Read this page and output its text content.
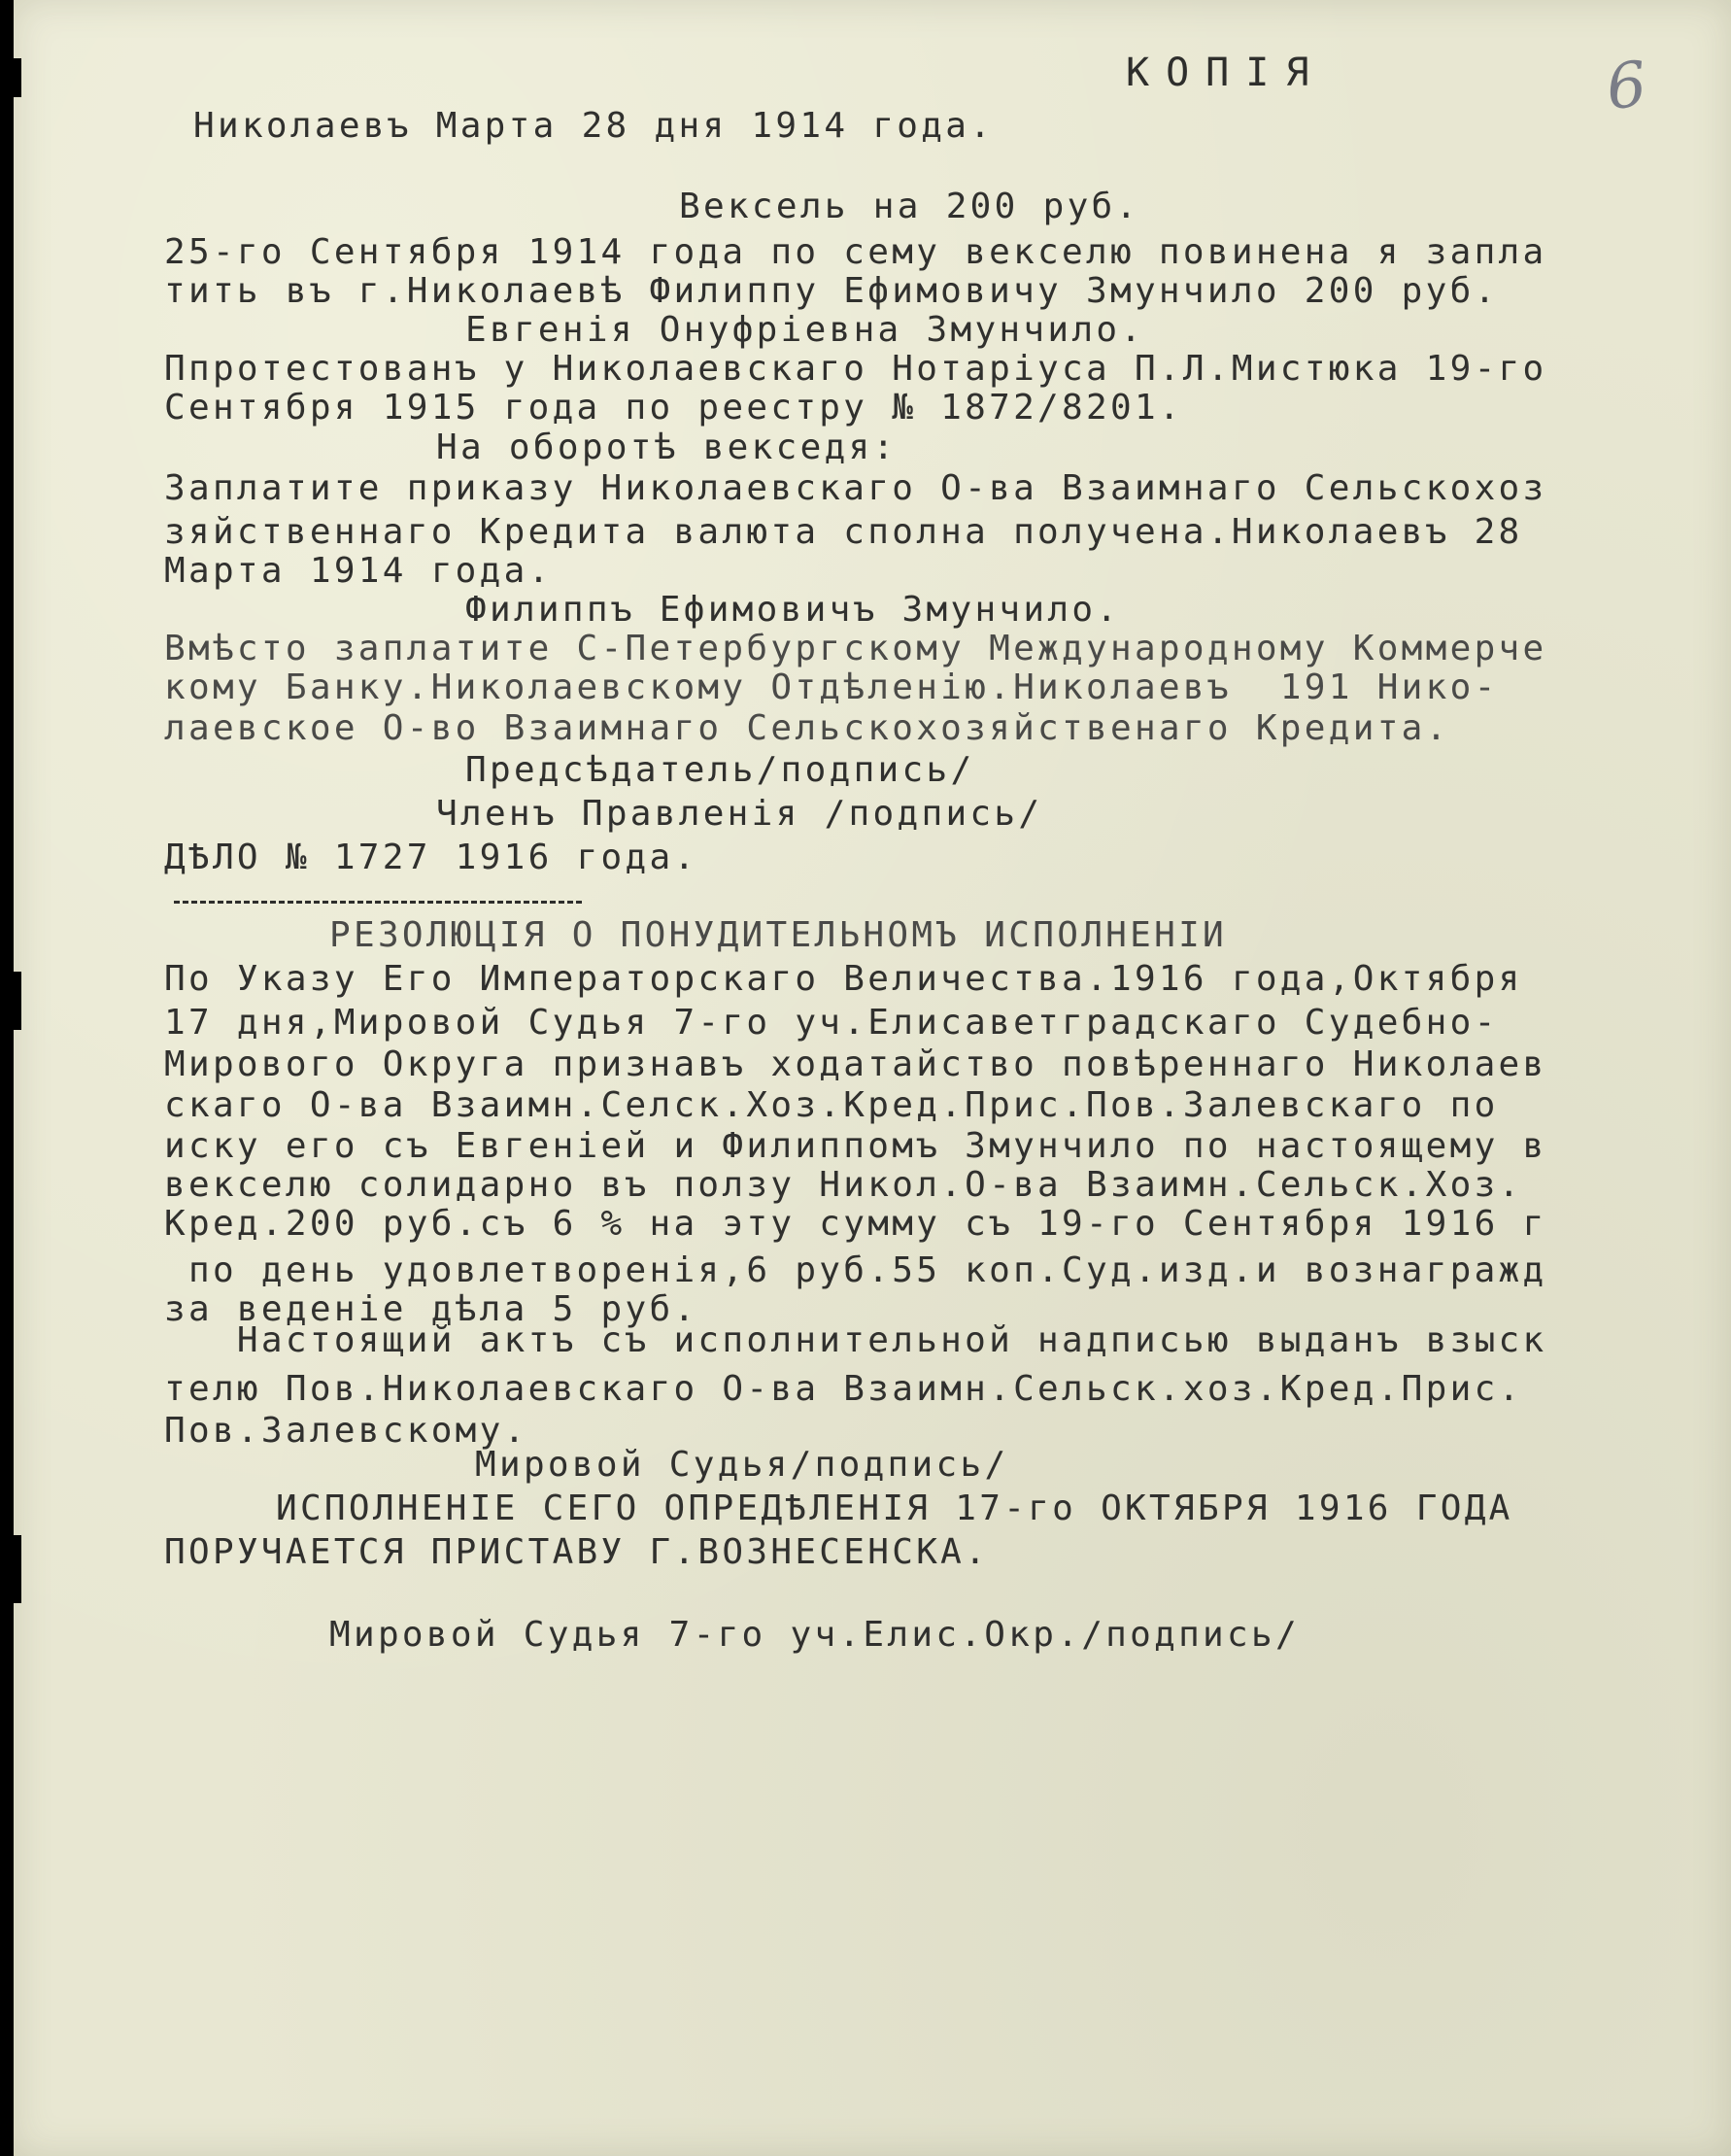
6
КОПІЯ

Николаевъ Марта 28 дня 1914 года.

Вексель на 200 руб.

25-го Сентября 1914 года по сему векселю повинена я запла

тить въ г.Николаевѣ Филиппу Ефимовичу Змунчило 200 руб.

Евгенія Онуфріевна Змунчило.

Ппротестованъ у Николаевскаго Нотаріуса П.Л.Мистюка 19-го

Сентября 1915 года по реестру № 1872/8201.

На оборотѣ векседя:

Заплатите приказу Николаевскаго О-ва Взаимнаго Сельскохоз

зяйственнаго Кредита валюта сполна получена.Николаевъ 28

Марта 1914 года.

Филиппъ Ефимовичъ Змунчило.

Вмѣсто заплатите С-Петербургскому Международному Коммерче

кому Банку.Николаевскому Отдѣленію.Николаевъ  191 Нико-

лаевское О-во Взаимнаго Сельскохозяйственаго Кредита.

Предсѣдатель/подпись/

Членъ Правленія /подпись/

ДѢЛО № 1727 1916 года.

РЕЗОЛЮЦІЯ О ПОНУДИТЕЛЬНОМЪ ИСПОЛНЕНІИ

По Указу Его Императорскаго Величества.1916 года,Октября

17 дня,Мировой Судья 7-го уч.Елисаветградскаго Судебно-

Мирового Округа признавъ ходатайство повѣреннаго Николаев

скаго О-ва Взаимн.Селск.Хоз.Кред.Прис.Пов.Залевскаго по

иску его съ Евгеніей и Филиппомъ Змунчило по настоящему в

векселю солидарно въ ползу Никол.О-ва Взаимн.Сельск.Хоз.

Кред.200 руб.съ 6 % на эту сумму съ 19-го Сентября 1916 г

по день удовлетворенія,6 руб.55 коп.Суд.изд.и вознагражд

за веденіе дѣла 5 руб.

Настоящий актъ съ исполнительной надписью выданъ взыск

телю Пов.Николаевскаго О-ва Взаимн.Сельск.хоз.Кред.Прис.

Пов.Залевскому.

Мировой Судья/подпись/

ИСПОЛНЕНІЕ СЕГО ОПРЕДѢЛЕНІЯ 17-го ОКТЯБРЯ 1916 ГОДА

ПОРУЧАЕТСЯ ПРИСТАВУ Г.ВОЗНЕСЕНСКА.

Мировой Судья 7-го уч.Елис.Окр./подпись/
